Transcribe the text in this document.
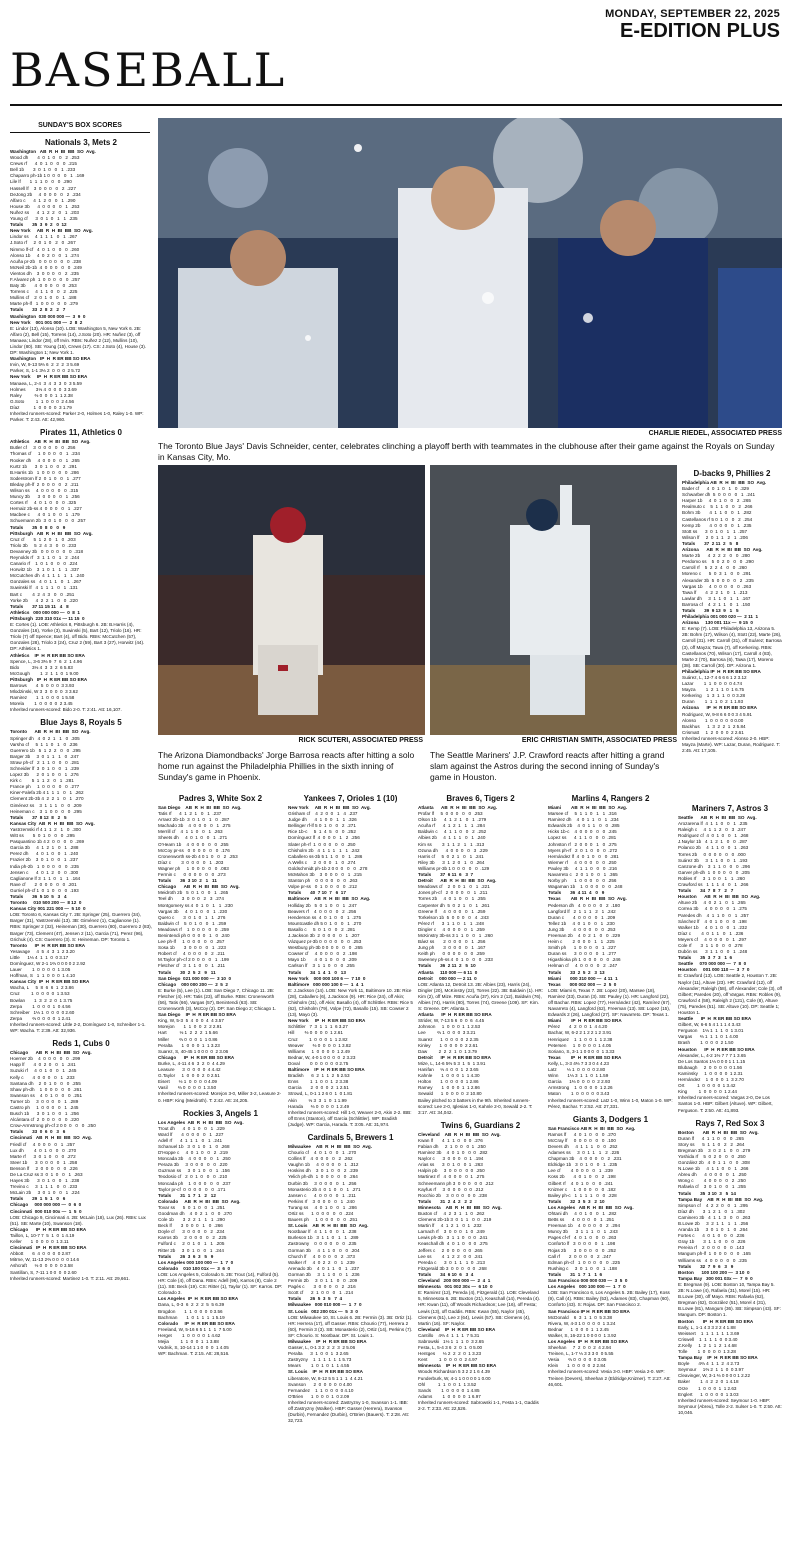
MONDAY, SEPTEMBER 22, 2025
E-EDITION PLUS
BASEBALL
SUNDAY'S BOX SCORES
Nationals 3, Mets 2
Washington   AB  R  H  BI  BB  SO  Avg.
Wood dh       4  0  1  0   0   2  .253
Crews rf      4  0  1  0   0   0  .215
Bell 1b       3  0  1  0   0   1  .233
Chaparro ph-1b 1 0  0  0   0   1  .169
Lile lf       1  1  1  0   0   0  .290
Hassell lf    3  0  0  0   0   2  .227
DeJong 2b     4  0  0  0   0   2  .234
Alfaro c      4  1  2  0   0   1  .290
House 3b      4  0  0  0   0   1  .253
Nuñez ss      4  1  2  2   0   1  .203
Young cf      3  0  1  0   1   1  .235
Totals       35  3  9  2   0  12
New York     AB  R  H  BI  BB  SO  Avg.
Lindor ss     4  1  1  1   0   1  .267
J.Soto rf     2  0  1  0   2   0  .267
Nimmo lf-cf   4  0  1  0   0   0  .260
Alonso 1b     4  0  2  0   0   1  .274
Acuña pr-2b   0  0  0  0   0   0  .238
McNeil 2b-1b  4  0  0  0   0   0  .249
Vientos dh    3  0  0  0   0   2  .235
F.Alvarez ph  1  0  0  0   0   0  .257
Baty 3b       4  0  0  0   0   0  .253
Torrens c     4  1  1  0   0   2  .225
Mullins cf    2  0  1  0   0   1  .188
Marte ph-lf   1  0  0  0   0   0  .279
Totals       33  2  8  2   2   7
Washington  030 000 000 —  3  9  0
New York    001 001 000 —  2  8  2
E: Lindor (13), Alonso (10). LOB: Washington 5, New York 6. 2B: Alfaro (2), Bell (15), Torrens (14), J.Soto (20). HR: Nuñez (3), off Manaea; Lindor (28), off Irvin. RBIs: Nuñez 2 (12), Mullins (10), Lindor (80). SB: Young (15), Crews (17). CS: J.Soto (4), House (3). DP: Washington 1; New York 1.
Washington   IP  H  R ER BB SO ERA
Irvin, W, 9-13 5⅔ 6  2  2  2  3 5.69
Parker, S, 1-1 3⅓ 2  0  0  0  2 5.72
New York     IP  H  R ER BB SO ERA
Manaea, L, 2-4  3  4  3  3  0  3 5.59
Holmes        3⅓ 4  0  0  0  3 3.69
Raley          ⅔ 0  0  0  1  1 2.38
G.Soto         1  1  0  0  0  2 4.56
Díaz           1  0  0  0  0  3 1.79
Inherited runners-scored: Parker 2-0, Holmes 1-0, Raley 1-0. WP: Parker. T: 2:43. Att: 42,960.
Pirates 11, Athletics 0
Athletics    AB  R  H  BI  BB  SO  Avg.
Butler cf     3  0  0  0   0   0  .256
Thomas cf     1  0  0  0   0   1  .234
Rooker dh     4  0  0  0   0   1  .265
Kurtz 1b      3  0  1  0   0   2  .291
B.Harris 1b   1  0  0  0   0   0  .286
Soderstrom lf 2  0  1  0   0   1  .277
Bleday ph-lf  2  0  0  0   0   2  .211
Wilson ss     4  0  0  0   0   0  .315
Muncy 3b      3  0  0  0   0   1  .256
Cortes rf     4  0  1  0   0   0  .325
Hernaiz 2b-ss 4  0  0  0   0   1  .227
Macbee c      4  0  1  0   0   1  .179
Schuemann 2b  3  0  1  0   0   0  .257
Totals       35  0  8  0   0   9
Pittsburgh   AB  R  H  BI  BB  SO  Avg.
Cruz cf       5  1  2  0   1   0  .203
Triolo 3b     5  2  4  3   0   0  .233
Devanney 3b   0  0  0  0   0   0  .318
Reynolds rf   3  1  1  0   1   2  .244
Canario rf    1  0  1  0   0   0  .224
Horwitz 1b    3  1  0  1   1   1  .337
McCutchen dh  4  1  1  1   1   1  .240
Gonzales ss   4  0  1  1   0   1  .267
Suwinski lf   4  1  1  1   0   1  .131
Bart c        4  2  4  3   0   0  .251
Yorke 2b      4  2  2  1   0   0  .220
Totals       37 11 15 11   4   8
Athletics   000 000 000 —  0  8  1
Pittsburgh  220 310 01x — 11 15  0
E: Cortes (1). LOB: Athletics 8, Pittsburgh 6. 2B: B.Harris (4), Gonzales (16), Yorke (3), Suwinski (5), Bart (12), Triolo (16). HR: Triolo (7) off Spence; Bart (4), off Bido. RBIs: McCutchen (57), Gonzales (28), Triolo 3 (24), Cruz 2 (59), Bart 3 (27), Horwitz (44). DP: Athletics 1.
Athletics    IP  H  R ER BB SO ERA
Spence, L, 3-6 3⅔ 9  7  6  2  1 4.96
Bido          3⅓ 4  3  3  2  6 5.83
McGough        1  2  1  1  0  1 9.00
Pittsburgh   IP  H  R ER BB SO ERA
Barrows       4  5  0  0  0  3 3.93
Mlodzinski, W 3  3  0  0  0  3 3.62
Ramirez       1  1  0  0  0  1 5.58
Morela        1  0  0  0  0  2 3.45
Inherited runners-scored: Bido 2-0. T: 2:41. Att: 16,107.
Blue Jays 8, Royals 5
Toronto      AB  R  H  BI  BB  SO  Avg.
Springer dh   4  0  2  1   1   0  .305
Varsho cf     5  1  1  0   1   0  .236
Guerrero 1b   5  1  2  2   0   0  .295
Barger 3b     3  0  1  1   1   0  .247
Straw ph-cf   2  1  1  0   0   0  .281
Schneider lf  3  0  1  0   0   1  .239
Lopez 3b      2  0  1  0   0   1  .276
Kirk c        5  1  1  2   0   1  .281
France ph     1  0  0  0   0   0  .277
Kiner-Falefa 2b 4 1  1  1   0   1  .262
Clement 2b-3b 4  2  2  1   0   1  .270
Giménez ss    3  1  1  1   0   0  .209
Heineman c    3  1  0  0   0   0  .295
Totals       37  8 12  8   2   5
Kansas City  AB  R  H  BI  BB  SO  Avg.
Yastrzemski rf 4 1  1  2   1   0  .300
Witt ss       5  0  1  0   0   0  .295
Pasquantino 1b 4 2  0  0   0   0  .269
Garcia 3b     4  1  2  1   0   1  .288
Perez dh      4  0  1  0   0   1  .240
Frazier 2b    3  0  1  0   0   1  .237
India ph-2b   1  0  0  0   0   0  .235
Jensen c      4  0  1  2   0   0  .300
Caglianone lf 3  1  1  0   1   1  .164
Rave cf       2  0  0  0   0   0  .201
Gurriel ph-cf 1  0  1  0   0   0  .193
Totals       36  5 10  5   3   4
Toronto     010 500 200 —  8 12  0
Kansas City 001 221 000 —  5 10  0
LOB: Toronto 6, Kansas City 7. 2B: Springer (25), Guerrero (34), Barger (31), Yastrzemski (13). 3B: Giménez (1), Caglianone (1). RBIs: Springer 2 (32), Heineman (30), Guerrero (80), Guerrero 2 (83), Barger (73), Clement (47), Jensen 2 (11), Garcia (71), Perez (96), Grichuk (4). CS: Guerrero (3). S: Heineman. DP: Toronto 1.
Toronto      IP  H  R ER BB SO ERA
Yesavage     4  5  4  3  1  2 3.20
Little      1⅓ 4  1  1  0  0 3.17
Domínguez, W 2-1 1⅔ 0 0 0 0 2 2.92
Lauer        1  0  0  0  0  1 3.05
Hoffman, S   1  1  0  0  0  1 4.10
Kansas City  IP  H  R ER BB SO ERA
Wacha, L     5  8  6  6  1  2 3.86
Cruz         1  0  0  0  0  1 3.53
Bowlan       1  3  2  2  0  1 3.75
Zerpa        1  0  0  0  1  0 4.56
Schreiber   1⅓ 1  0  0  0  0 2.60
Zerpa        ⅔ 0  0  0  0  1 2.41
Inherited runners-scored: Little 2-2, Domínguez 1-0, Schreiber 1-1. WP: Wacha. T: 2:39. Att: 32,936.
Reds 1, Cubs 0
Chicago      AB  R  H  BI  BB  SO  Avg.
Hoerner 2b    4  0  0  0   0   0  .299
Happ lf       4  0  2  0   0   1  .241
Suzuki rf     4  0  1  0   0   1  .245
Kelly c       4  0  0  0   0   1  .233
Santana dh    2  0  1  0   0   0  .255
Shaw ph-dh    1  0  0  0   0   0  .261
Swanson ss    4  0  1  0   0   0  .251
Turner 1b     3  0  0  0   0   1  .289
Castro ph     1  0  0  0   0   1  .245
Busch 1b      3  0  1  0   0   1  .256
Alcántara cf  2  0  0  0   0   0  .220
Crow-Armstrong ph-cf 2 0 0  0   0   0  .250
Totals       33  0  6  0   3   6
Cincinnati   AB  R  H  BI  BB  SO  Avg.
Friedl cf     4  0  0  0   0   1  .257
Lux dh        4  0  1  0   0   0  .270
Marte rf      3  0  1  0   0   0  .272
Steer 1b      3  0  0  0   0   1  .258
Benson lf     2  0  0  0   0   0  .226
De La Cruz ss 3  0  1  0   0   1  .263
Hayes 3b      3  0  1  0   0   1  .238
Trevino c     3  1  1  1   0   0  .233
McLain 2b     3  0  1  0   0   1  .224
Totals       29  1  5  1   0   6
Chicago     000 000 000 —  0  6  0
Cincinnati  000 010 00x —  1  5  0
LOB: Chicago 9, Cincinnati 4. 2B: McLain (18), Lux (26). RBIs: Lux (51). SB: Marte (10), Swanson (18).
Chicago      IP  H  R ER BB SO ERA
Taillon, L, 10-7 7  5  1  0  1 4.19
Keller       1  0  0  0  0  1 3.11
Cincinnati   IP  H  R ER BB SO ERA
Abbott       6  4  0  0  0  0 2.87
Mitrne, W, 11-13 2⅔ 0 0  0  0 14.6
Ashcraft      ⅓ 0  0  0  0  0 3.58
Santillan, S, 7-11 1 0 0  0  0 2.60
Inherited runners-scored: Martinez 1-0. T: 2:11. Att: 29,661.
CHARLIE RIEDEL, ASSOCIATED PRESS
The Toronto Blue Jays' Davis Schneider, center, celebrates clinching a playoff berth with teammates in the clubhouse after their game against the Royals on Sunday in Kansas City, Mo.
RICK SCUTERI, ASSOCIATED PRESS
The Arizona Diamondbacks' Jorge Barrosa reacts after hitting a solo home run against the Philadelphia Phillies in the sixth inning of Sunday's game in Phoenix.
ERIC CHRISTIAN SMITH, ASSOCIATED PRESS
The Seattle Mariners' J.P. Crawford reacts after hitting a grand slam against the Astros during the second inning of Sunday's game in Houston.
D-backs 9, Phillies 2
Philadelphia AB  R  H  BI  BB  SO  Avg.
Bader cf      4  0  1  0   1   0  .329
Schwarber dh  5  0  0  0   0   1  .241
Harper 1b     4  0  1  0   0   2  .265
Realmuto c    5  1  1  0   0   2  .266
Bohm 3b       4  1  1  0   0   1  .282
Castellanos rf 5 0  1  0   0   2  .254
Kemp 2b       4  0  0  0   0   1  .235
Stott ss      3  0  1  0   1   1  .257
Wilson lf     2  0  1  1   2   1  .206
Totals       37  2 11  2   5   8
Arizona      AB  R  H  BI  BB  SO  Avg.
Marte 2b      4  2  2  2   0   0  .280
Perdomo ss    5  0  2  0   0   0  .290
Carroll rf    5  2  2  4   0   0  .260
Moreno c      5  0  3  1   0   0  .291
Alexander 3b  5  0  0  0   0   2  .235
Vargas 1b     4  0  0  0   0   0  .263
Tawa lf       4  2  2  1   0   1  .213
Lawlar dh     3  1  1  0   1   1  .167
Barrosa cf    4  2  1  1   0   1  .150
Totals       39  9 13  9   1   5
Philadelphia 001 000 020 —  2 11  1
Arizona     130 001 11x —  9 15  0
E: Kemp (7). LOB: Philadelphia 13, Arizona 5. 2B: Bohm (17), Wilson (4), Stott (22), Marte (26), Carroll (31). HR: Carroll (31), off Suárez; Barrosa (3), off Mayza; Tawa (7), off Kerkering. RBIs: Castellanos (70), Wilson (17), Carroll 4 (83), Marte 2 (70), Barrosa (6), Tawa (17), Moreno (38). SB: Carroll (30). DP: Arizona 1.
Philadelphia IP  H  R ER BB SO ERA
Suárez, L, 12-7 4 6 6 6 1 2 3.12
Lazar        1  1  0  0  0  0 4.74
Mayza        1  2  1  1  0  1 6.75
Kerkering    1  3  1  1  0  0 3.28
Duran        1  1  1  0  2  1 1.93
Arizona      IP  H  R ER BB SO ERA
Rodriguez, W, 9-8 6 6 0 0 3 4 5.91
Alonso       1  0  0  0  0  0 0.00
Backhus      1  3  2  2  1  2 5.84
Crismatt     1  2  0  0  0  2 2.61
Inherited runners-scored: Alonso 2-0. HBP: Mayza (Marte). WP: Lazar, Duran, Rodriguez. T: 2:45. Att: 17,105.
Padres 3, White Sox 2
San Diego    AB  R  H  BI  BB  SO  Avg.
Tatis rf      4  1  2  1   0   1  .237
Arraez 2b-1b  3  0  1  0   1   0  .287
Machado 3b    4  0  0  0   0   1  .275
Merrill cf    4  1  1  0   0   1  .263
Sheets dh     4  0  1  0   0   1  .271
O'Hearn 1b    4  0  0  0   0   0  .255
McCoy pr-ss   0  0  0  0   0   0  .176
Cronenworth ss-2b 4 0 1  0   0   2  .253
Díaz c        3  0  0  0   0   1  .203
Wagner ph     1  0  0  0   0   0  .083
Fermin c      0  0  0  0   0   0  .273
Totals       36  3 10  2   1   11
Chicago      AB  R  H  BI  BB  SO  Avg.
Meidroth 2b   5  0  1  0   0   1  .265
Teel dh       3  0  0  0   2   3  .274
Montgomery ss 4  0  1  0   1   1  .230
Vargas 3b     4  0  1  0   0   1  .230
Quero c       3  0  1  0   1   1  .276
Baldwin cf    5  0  1  0   0   1  .259
Meadows rf    1  0  0  0   0   0  .259
Benintendi ph 0  0  0  0   1   0  .240
Lee ph-lf     1  0  0  0   0   0  .257
Sosa 1b       3  0  0  0   0   1  .223
Robert cf     4  0  0  0   0   2  .211
M.Taylor ph-cf 2 0  0  0   0   1  .199
Fletcher cf   3  1  1  0   0   1  .211
Totals       30  2  5  2   9   11
San Diego  021 000 000 —  3 10  0
Chicago    000 000 200 —  2  5  2
E: Burke (5), Lee (1). LOB: San Diego 7, Chicago 11. 2B: Fletcher (4). HR: Tatis (23), off Burke. RBIs: Cronenworth (56), Tatis (66), Vargas (57), Benintendi (63). SB: Cronenworth (3), McCoy (2). DP: San Diego 2; Chicago 1.
San Diego    IP  H  R ER BB SO ERA
King, W, 5-3  5  4  0  0  4  4 3.57
Morejon       1  1  0  0  2  2 2.91
Hart          ⅓ 1  2  2  2  1 5.66
Miller        ⅔ 0  0  0  1  1 0.86
Peralta       1  0  0  0  1  1 3.23
Suarez, S, 40-45 1 0 0 0  0  2 3.06
Chicago      IP  H  R ER BB SO ERA
Burke, L, 4-11 4 6  3  2  0  4 4.29
Leasure      3  0  0  0  0  4 4.42
G.Taylor     1  0  0  0  2  0 2.51
Eisert       ⅓ 1  0  0  0  0 4.09
Vasil        ⅔ 0  0  0  0  1 3.50
Inherited runners-scored: Morejon 3-0, Miller 3-2, Leasure 2-0. HBP: King (Meidroth). T: 2:42. Att: 24,205.
Rockies 3, Angels 1
Los Angeles  AB  R  H  BI  BB  SO  Avg.
Trout dh      4  0  1  0   0   1  .229
Ward lf       4  0  0  0   0   1  .227
Adell rf      4  1  1  1   0   1  .241
Schanuel 1b   3  0  1  0   1   0  .268
D'Hoppe c     4  0  1  0   0   2  .219
Moncada 3b    4  0  0  0   0   1  .250
Peraza 3b     3  0  0  0   0   0  .220
Guzman ss     3  0  1  0   0   1  .156
Teodosio cf   2  0  1  0   0   0  .210
Moncada ph    1  0  0  0   0   0  .237
Taylor pr-cf  0  0  0  0   0   0  .171
Totals       31  1  7  1   2   12
Colorado     AB  R  H  BI  BB  SO  Avg.
Tovar ss      5  0  1  0   0   1  .251
Goodman dh    4  0  2  1   0   0  .270
Cole 1b       3  2  2  1   1   1  .290
Beck lf       3  0  0  0   1   0  .266
Doyle cf      3  0  0  0   0   2  .234
Karros 3b     2  0  0  0   0   2  .225
Fulford c     2  0  1  0   1   1  .205
Ritter 2b     3  0  1  0   0   1  .244
Totals       26  3  6  3   5   9
Los Angeles 000 100 000 —  1  7  0
Colorado    010 100 01x —  3  6  0
LOB: Los Angeles 5, Colorado 5. 2B: Trout (14), Fulford (5). HR: Cole (4), off Dana. RBIs: Adell (96), Karros (8), Cole 2 (11). SB: Beck (19). CS: Ritter (1), Taylor (1). SF: Karros. DP: Colorado 3.
Los Angeles  IP  H  R ER BB SO ERA
Dana, L, 0-3  6  2  2  2  5  5 6.39
Brogdon       1  1  0  0  0  0 3.56
Bachman       1  0  1  1  1  1 5.19
Colorado     IP  H  R ER BB SO ERA
Freeland, W, 5-16 6 5 1  1  1  7 5.00
Herget        1  0  0  0  0  1 4.62
Mejia         1  1  0  0  1  1 3.88
Vodnik, S, 10-14 1 1 0  0  0  1 4.05
WP: Bachman. T: 2:15. Att: 28,516.
Yankees 7, Orioles 1 (10)
New York     AB  R  H  BI  BB  SO  Avg.
Grisham cf    4  2  0  0   1   4  .237
Judge dh      4  1  0  0   1   1  .326
Bellinger rf-lf 5 0  1  0   0   2  .271
Rice 1b-c     5  1  4  5   0   0  .252
Domínguez lf  4  0  0  0   1   2  .256
Slater ph-rf  1  0  0  0   0   0  .250
Chisholm 2b   4  1  1  1   1   1  .242
Caballero ss-3b 5 1  1  0   0   1  .286
A.Wells c     2  0  0  0   1   0  .274
Goldschmidt ph-1b 2 0 0  0   0   0  .278
McMahon 3b    3  0  0  0   0   1  .215
Stanton ph    0  0  0  0   0   0  .263
Volpe pr-ss   0  1  0  0   0   0  .212
Totals       40  7 10  7   6  17
Baltimore    AB  R  H  BI  BB  SO  Avg.
Holliday 2b   5  0  1  0   0   1  .247
Beavers rf    4  0  0  0   0   2  .256
Henderson ss  4  0  1  0   0   1  .275
Mountcastle dh 5 0  1  0   0   1  .270
Basallo c     5  0  1  0   0   2  .281
J.Jackson 3b  2  0  0  0   0   1  .207
Vázquez pr-3b 0  0  0  0   0   0  .253
Westburg ph-3b 0 0  0  0   0   0  .265
Cowser cf     4  0  0  0   0   2  .198
Mayo 1b       4  0  1  0   0   0  .209
Carlson lf    3  1  1  0   0   0  .255
Totals       34  1  4  1   0   13
New York    000 000 100 6 —  7 10  0
Baltimore   000 000 100 0 —  1  4  1
E: J.Jackson (14). LOB: New York 11, Baltimore 10. 2B: Rice (28), Caballero (6), J.Jackson (9). HR: Rice (24), off Akin; Chisholm (31), off Akin; Basallo (4), off Schlittler. RBIs: Rice 5 (62), Chisholm (79), Volpe (72), Basallo (15). SB: Cowser 2 (13), Mayo (3).
New York     IP  H  R ER BB SO ERA
Schlittler   7  3  1  1  1  6 3.27
Hill        ⅔ 0  0  0  0  1 2.61
Cruz         1  0  0  0  1  1 2.82
Weaver       ⅔ 0  0  0  0  1 3.82
Williams     1  0  0  0  0  1 2.49
Bednar, W, 4-0 1 0 0  0  0  2 3.23
Doval        0  0  0  0  0  0 2.75
Baltimore    IP  H  R ER BB SO ERA
Bradish      6  2  1  1  2  5 2.53
Enns         1  1  0  0  1  2 3.38
Garcia       2  0  0  0  2  1 2.51
Strowd, L, 0-1 1 2 6 0  1  0 1.81
Akin         ⅓ 3  3  1  0  1 1.99
Harada      ⅔ 0  0  0  0  1 2.49
Inherited runners-scored: Hill 1-0, Weaver 2-0, Akin 2-2. IBB: off Enns (Stanton), off Garcia (Schlittler). WP: Bradish (Judge). WP: Garcia, Harada. T: 3:05. Att: 31,974.
Cardinals 5, Brewers 1
Milwaukee    AB  R  H  BI  BB  SO  Avg.
Chourio cf    4  0  1  0   0   1  .270
Collins lf    4  0  0  0   0   2  .262
Vaughn 1b     4  0  0  0   0   1  .312
Hoskins dh    3  0  1  0   0   2  .239
Yelich ph-dh  1  0  0  0   0   0  .264
Durbin 3b     3  0  0  0   0   1  .256
Monasterio 2b 4  0  1  0   0   1  .271
Jansen c      4  0  0  0   0   1  .211
Perkins rf    3  0  0  0   0   1  .240
Turang ss     4  0  1  0   0   1  .286
Ortiz ss      1  0  0  0   0   0  .224
Bauers ph     1  0  0  0   0   0  .251
St. Louis    AB  R  H  BI  BB  SO  Avg.
Nootbaar lf   4  1  1  0   0   1  .238
Burleson 1b   3  1  1  0   1   1  .289
Zastrowny    0  0  0  0   0   0  .235
Gorman 3b     4  1  1  0   0   0  .204
Church lf     4  0  0  0   0   2  .373
Walker rf     4  0  2  2   0   1  .239
Arenado 3b    4  0  1  1   0   1  .237
Gorman 3b     3  1  1  0   0   1  .236
Fermin 2b     3  0  1  1   0   0  .209
Pagés c       3  0  0  0   0   2  .216
Scott cf      2  1  0  0   0   1  .214
Totals       26  5  3  5   7  4
Milwaukee   000 010 000 —  1  7  0
St. Louis   002 200 01x —  5  3  0
LOB: Milwaukee 10, St. Louis 6. 2B: Fermin (3). 3B: Ortiz (1). HR: Herrera (17), off Gasser. RBIs: Chourio (77), Herrera 2 (60), Fermin 3 (3). SB: Monasterio (2), Ortiz (14), Perkins (7). SF: Chourio. S: Nootbaar. DP: St. Louis 1.
Milwaukee    IP  H  R ER BB SO ERA
Gasser, L, 0-1 3 2  2  2  3  2 5.06
Peralta      3  1  0  0  1  3 2.65
Zastryzny    1  1  1  1  1  1 5.73
Mears        1  0  1  0  1  1 4.55
St. Louis    IP  H  R ER BB SO ERA
Liberatore, W, 8-12 5 5 1 1  1  4 4.21
Svanson      2  0  0  0  0  0 4.00
Fernandez    1  1  0  0  0  0 4.10
O'Brien      1  0  0  0  1  0 2.09
Inherited runners-scored: Zastryzny 1-0, Svanson 1-1. IBB: off Zastryzny (Walker). HBP: Gasser (Herrera), Svanson (Durbin), Fernandez (Durbin), O'Brien (Bauers). T: 2:28. Att: 32,723.
Braves 6, Tigers 2
Atlanta      AB  R  H  BI  BB  SO  Avg.
Profar lf     5  0  0  0   0   0  .253
Olson 1b      4  1  2  1   0   1  .279
Acuña rf      4  1  2  1   1   1  .284
Baldwin c     4  1  1  0   0   2  .252
Albies 2b     4  1  1  1   0   1  .240
Kim ss        3  1  1  2   1   1  .313
Ozuna dh      4  0  0  0   0   3  .229
Harris cf     5  0  2  1   0   1  .241
Riley 3b      3  1  2  0   1   0  .264
Williams pr-3b 1 0  0  0   0   0  .129
Totals       37  6 11  6   3  7
Detroit      AB  R  H  BI  BB  SO  Avg.
Meadows cf    2  0  0  1   0   1  .221
Jones ph-cf   2  0  0  0   0   1  .211
Torres 2b     4  0  1  0   0   1  .255
Carpenter dh  5  0  2  1   0   1  .261
Greene lf     4  0  0  0   0   1  .259
Torkelson 1b  5  0  0  0   0   4  .243
Pérez rf      3  1  1  0   1   1  .248
Dingler c     4  0  0  0   0   1  .259
McKinstry 3b-ss 3 1  1  0   0   1  .260
Báez ss       2  0  0  0   0   1  .256
Jung ph       3  0  0  0   0   1  .167
Keith ph      0  0  0  0   0   0  .259
Sweeney ph-ss 4  0  1  0   0   0  .233
Totals       36  2 11  2   5  10
Atlanta     110 000 — 6 11  0
Detroit     000 000 — 2 11  0
LOB: Atlanta 12, Detroit 13. 2B: Albies (23), Harris (24), Dingler (20), McKinstry (22), Torres (22). 3B: Baldwin (1). HR: Kim (2), off Mize. RBIs: Acuña (37), Kim 2 (12), Baldwin (76), Albies (74), Harris (80), Torres (74), Greene (109). SF: Kim. S: Greene. DP: Atlanta 1.
Atlanta      IP  H  R ER BB SO ERA
Strider, W, 7-13 5 6  0  0  6  4.45
Johnson     1  0  0  0  1  1 2.53
Lee         ⅔ 1  0  0  0  3 3.21
Suarez      1  0  0  0  0  2 2.35
Kinley       1  0  0  0  0  2 2.61
Daw         2  2  2  1  0  1 3.79
Detroit      IP  H  R ER BB SO ERA
Mize, L, 14-6 5⅔ 5 3  1  5  1 3.91
Hanifan     ⅓ 4  0  0  1  2 3.65
Kahnle       1  0  0  0  1  1 4.30
Holton       1  0  0  0  0  1 2.86
Ramey       1  0  0  0  1  1 2.86
Sewald      1  0  0  0  0  2 10.80
Bailey pitched to 3 batters in the 9th. Inherited runners-scored: Lee 2-0, Iglesias 1-0, Kahnle 2-0, Sewald 2-2. T: 3:17. Att: 34,042.
Twins 6, Guardians 2
Cleveland    AB  R  H  BI  BB  SO  Avg.
Kwan lf       4  1  1  0   0  0  .276
Fabian dh     2  1  0  0   0  1  .250
Ramirez 3b    4  0  1  0   0  0  .282
Naylor c      3  0  0  0   0  1  .194
Arias ss      3  0  1  0   0  1  .263
Halpin pb     3  0  0  0   0  0  .250
Martinez rf   4  0  0  0   0  1  .275
Schneemann ph 3  0  0  0   0  0  .212
Kayfus rf     3  0  0  0   0  0  .212
Rocchio 2b    3  0  0  0   0  0  .238
Totals       31  2  4  2   2  2
Minnesota    AB  R  H  BI  BB  SO  Avg.
Buxton cf     4  2  3  1   1  0  .262
Clemens 2b-1b 3  0  1  1   0  0  .219
Martin lf     4  1  2  1   0  1  .232
Larnach rf    3  0  0  0   1  0  .249
Lewis ph-3b   3  1  1  0   0  0  .241
Keaschall dh  4  0  1  0   0  0  .275
Jeffers c     2  0  0  0   0  0  .265
Lee ss        4  1  2  2   0  0  .241
Pereda c      3  0  1  1   1  0  .213
Fitzgerald 3b 3  0  0  0   0  0  .268
Totals       34  6 10  6   3  4
Cleveland   200 000 000 —  2  4  1
Minnesota   001 002 30x —  6 10  0
E: Ramirez (12), Pereda (4), Fitzgerald (1). LOB: Cleveland 5, Minnesota 6. 2B: Buxton (21), Keaschall (14), Pereda (4). HR: Kwan (11), off Woods Richardson; Lee (16), off Festa; Lewis (13), off Gaddis. RBIs: Kwan (55), Naylor (45), Clemens (51), Lee 2 (64), Lewis (57). SB: Clemens (4), Martin (16). SF: Naylor.
Cleveland    IP  H  R ER BB SO ERA
Cantillo    4⅔ 4  1  1  1  7 5.31
Sabrowski   1⅓ 1  1  1  0  3 2.65
Festa, L, 5-4 3 6  2  0  1  0 5.00
Hentges      ⅓ 2  2  2  0  1 3.23
Kent         1  0  0  0  0  2 4.97
Minnesota    IP  H  R ER BB SO ERA
Woods Richardson 5 3 2 2 1 6 4.39
Funderburk, W, 4-1 1 0 0 0 0 1 0.00
Ohl          1  1  0  0  1  1 3.52
Sands        1  0  0  0  0  1 4.85
Adams        1  0  0  0  0  1 6.97
Inherited runners-scored: Sabrowski 1-1, Festa 1-1, Gaddis 2-2. T: 2:33. Att: 22,526.
Marlins 4, Rangers 2
Miami        AB  R  H  BI  BB  SO  Avg.
Marsee cf     5  1  1  0   1   1  .316
Ramirez dh    4  0  1  1   0   1  .234
Edwards 2b    4  0  1  1   0   0  .285
Hicks 1b-c    4  0  0  0   0   0  .245
Lopez ss      4  1  1  0   0   0  .281
Johnston rf   2  0  0  0   1   0  .275
Myers ph-rf   2  0  1  0   0   0  .272
Hernández lf  4  0  1  0   0   0  .281
Wiemer rf     4  0  0  0   0   0  .250
Pauley 3b     4  1  1  0   0   0  .216
Navarreto c   2  0  1  0   0   1  .365
Norby ph      1  0  0  0   0   0  .256
Wagaman 1b    1  0  0  0   0   0  .248
Totals       36  4 11  4   0   9
Texas        AB  R  H  BI  BB  SO  Avg.
Pederson dh   4  0  0  0   0   2  .180
Langford lf   2  1  1  1   2   1  .242
Duran c       4  0  0  0   0   1  .209
Tellez 1b     4  0  1  0   0   1  .230
Jung 3b       4  0  0  0   0   0  .253
Freeman 2b    4  0  2  1   0   0  .229
Heim c        2  0  0  0   1   1  .225
Smith ph      1  0  0  0   0   1  .227
Duran ss      3  0  0  0   0   1  .277
Higashioka ph 1  0  0  0   0   0  .246
Helman cf     4  0  0  0   0   2  .247
Totals       33  2  5  2   3  13
Miami       000 310 000 —  4 11  1
Texas       000 002 000 —  2  5  0
LOB: Miami 6, Texas 7. 2B: Lopez (20), Marsee (18), Ramirez (33), Duran (3). SB: Pauley (1). HR: Langford (22), off Bachar. RBIs: Lopez (77), Hernández (42), Ramírez (67), Navarreto (4), Langford (62), Freeman (13). SB: Lopez (15), Edwards 2 (26), Langford (27). SF: Navarreto. DP: Texas 1.
Miami        IP  H  R ER BB SO ERA
Pérez       4  2  0  0  1  4 4.20
Bachar, W, 6-2 2 1 2 2 1 2 3.91
Henriquez    1  1  0  0  1  1 2.38
Petersen     1  0  0  0  0  1 4.05
Soriano, S, 3-1 1 0 0 0  0  1 3.33
Texas        IP  H  R ER BB SO ERA
Kelly, L, 3-3 4⅔ 7 3 3 0 4 4.23
Latz        ⅓ 1  0  0  0  0 2.80
Winn       1⅓ 3  1  1  0  1 1.59
Garcia      1⅔ 0  0  0  0  2 2.93
Armstrong    1  0  0  0  0  1 2.26
Maton        1  0  0  0  0  0 3.43
Inherited runners-scored: Latz 1-0, Winn 1-0, Maton 1-0. WP: Pérez, Bachar. T: 2:52. Att: 27,331.
Giants 3, Dodgers 1
San Francisco AB R  H  BI  BB  SO  Avg.
Ramos lf      4  0  1  0   0   0  .270
McCray lf     0  0  0  0   0   0  .100
Devers dh     4  1  1  1   0   0  .252
Adames ss     3  0  1  1   1   2  .226
Chapman 3b    4  0  0  0   0   2  .231
Eldridge 1b   3  0  1  0   0   1  .235
Lee cf        4  0  0  0   0   1  .239
Koss 2b       4  0  1  0   0   2  .198
Gilbert rf    4  0  1  0   0   0  .241
Knizner c     1  0  0  0   0   0  .182
Bailey ph-c   1  1  1  1   0   0  .228
Totals       32  3  5  3   2  10
Los Angeles   AB R  H  BI  BB  SO  Avg.
Ohtani dh     4  0  1  0   0   1  .282
Betts ss      4  0  0  0   0   1  .251
Freeman 1b    4  0  0  0   0   2  .294
Muncy 3b      3  1  1  1   0   1  .243
Pages cf-rf   4  0  1  0   0   0  .263
Conforto lf   3  0  0  0   0   1  .198
Rojas 2b      3  0  0  0   0   0  .252
Call rf       2  0  0  0   0   2  .247
Edman ph-cf   1  0  0  0   0   0  .225
Rushing c     3  0  1  0   0   1  .188
Totals       31  1  7  1   1  6
San Francisco 000 000 030 —  3  5  0
Los Angeles   000 100 000 —  1  7  0
LOB: San Francisco 6, Los Angeles 5. 2B: Bailey (17), Koss (9), Call (4). RBIs: Bailey (53), Adames (83), Chapman (60), Conforto (43). S: Rojas. DP: San Francisco 2.
San Francisco IP H  R ER BB SO ERA
McDonald    6  3  1  1  0  5 3.38
Rivera, W, 4-3 1 0  0  0  0  1 3.24
Bednar      1  0  0  0  1  1 2.45
Walker, S, 16-22 1 0 0 0 0  1 3.92
Los Angeles  IP  H  R ER BB SO ERA
Sheehan     7  2  0  0  2  4 2.94
Treinen, L, 1-7 ⅓ 3 3 3 0  0 5.55
Vesia       ⅔ 0  0  0  0  0 3.05
Klein       1  0  0  0  0  2 2.84
Inherited runners-scored: Vesia 3-0. HBP: Vesia 2-0. WP: Treinen (Devers), Sheehan 2 (Eldridge,Knizner). T: 2:27. Att: 46,601.
Mariners 7, Astros 3
Seattle      AB  R  H  BI  BB  SO  Avg.
Arozarena lf  4  1  1  0   0   1  .235
Raleigh c     4  1  1  2   0   3  .247
Rodriguez cf  4  0  1  0   0   1  .268
J.Naylor 1b   4  1  2  1   0   0  .287
Polanco 2b    4  1  1  0   0   1  .263
Torres 2b     0  0  0  0   0   0  .000
Suárez 3b     3  1  1  0   0   1  .193
Canzone dh    3  1  1  0   0   0  .296
Garver ph-dh  1  0  0  0   0   0  .205
Robles rf     3  1  0  0   1   1  .260
Crawford ss   1  1  1  4   0   1  .266
Totals       34  7  8  7   2   7
Houston      AB  R  H  BI  BB  SO  Avg.
Altuve 2b     4  0  2  1   0   1  .265
Correa 3b     4  0  0  0   0   1  .275
Paredes dh    4  1  1  0   0   1  .257
Sánchez lf    4  0  1  0   0   0  .198
Walker 1b     4  0  1  0   0   1  .232
Díaz c        4  0  1  1   0   1  .236
Meyers cf     4  0  0  0   0   1  .297
Cole rf       3  1  1  0   0   0  .278
Dubón ss      3  1  1  0   0   1  .248
Totals       35  3  7  3   1  6
Seattle     070 000 000 —  7  8  0
Houston     001 000 110 —  3  7  0
E: Crawford (13). LOB: Seattle 2, Houston 7. 2B: Naylor (11), Altuve (23). HR: Crawford (12), off Alexander; Raleigh (58), off Alexander; Cole (3), off Gilbert; Paredes (20), off Vargas. RBIs: Robles (9), Crawford 4 (58), Raleigh 2 (121), Cole (8), Altuve (75), Paredes (51). SB: Altuve (10). DP: Seattle 1; Houston 1.
Seattle      IP  H  R ER BB SO ERA
Gilbert, W, 6-6 5 4 1 1 1 4 3.43
Ferguson    1⅓ 1  1  1  0  1 3.01
Vargas      ⅔ 1  1  1  0  1 4.00
Brash        1  0  0  0  2 1.50
Houston      IP  H  R ER BB SO ERA
Alexander, L, 4-2 1⅔ 7 7 7 1 3.65
De Los Santos 1⅓ 0 0 0 1 1 1.15
Blubaugh     2  0  0  0  0  0 1.56
Kaminsky     1  0  0  0  0  1 2.31
Hernández    1  0  0  0  1  3 2.70
Ort          1  0  0  0  0  1 3.42
King         1  0  0  0  0  1 2.44
Inherited runners-scored: Vargas 2-0, De Los Santos 1-0. HBP: Gilbert (Altuve). WP: Gilbert, Ferguson. T: 2:50. Att: 41,893.
Rays 7, Red Sox 3
Boston       AB  R  H  BI  BB  SO  Avg.
Duran lf      4  1  1  0   0   0  .265
Story ss      5  1  1  0   2   2  .264
Bregman 3b    3  0  2  1   0   0  .279
Yoshida rf    5  0  2  0   0   0  .250
González 2b   4  0  1  1   0   0  .308
N.Lowe 1b     4  1  1  0   0   1  .266
Abreu dh      4  0  0  0   0   1  .250
Wong c        4  0  0  0   0   2  .250
Rafaela cf    3  0  1  0   0   1  .255
Totals       35  3 10  3   5  14
Tampa Bay    AB  R  H  BI  BB  SO  Avg.
Simpson cf    4  2  2  0   0   1  .295
Díaz dh       3  1  2  1   0   1  .302
Caminero 3b   4  1  1  3   0   0  .263
B.Lowe 2b     3  2  1  1   1   1  .256
Aranda 1b     3  0  1  0   1   0  .264
Fortes c      4  0  1  0   0   0  .236
Gray 1b       3  1  1  0   0   0  .226
Pereira rf    2  0  0  0   0   0  .143
Mangum ph-lf  1  0  0  0   0   0  .165
Williams ss   4  0  0  0   0   0  .235
Totals       32  7  9  6   3   9
Boston      100 100 200 —  3 10  0
Tampa Bay   300 001 03x —  7  9  0
E: Bregman (9). LOB: Boston 10, Tampa Bay 5. 2B: N.Lowe (4), Rafaela (31), Morel (15). HR: B.Lowe (30), off Mayo. RBIs: Rafaela (62), Bregman (62), González (51), Morel 4 (31), B.Lowe (81), Mangum (36). SB: Simpson (43). SF: Mangum. DP: Boston 1.
Boston       IP  H  R ER BB SO ERA
Early, L, 1-1 4 3 3 2 2 4 1.88
Weissert    1  1  1  1  1  1 3.69
Criswell    1  1  1  1  0  0 3.40
Z.Kelly     1  2  1  1  2  1 4.68
Tolle        1  0  0  0  0  1 3.28
Tampa Bay    IP  H  R ER BB SO ERA
Boyle       4⅔ 4  1  1  2  4 2.73
Seymour     1⅔ 2  1  1  0  0 3.97
Cleavinger, W, 3-1 ⅔ 0 0 0 0 1 2.22
Baker        1  4  2  2  0  1 4.18
Orze        1  0  0  0  1  1 2.63
Englert      1  0  0  0  0  1 3.03
Inherited runners-scored: Seymour 1-0. HBP: Seymour (Abreu), Tolle 2-2. Sulser 1-0. T: 2:50. Att: 10,046.
